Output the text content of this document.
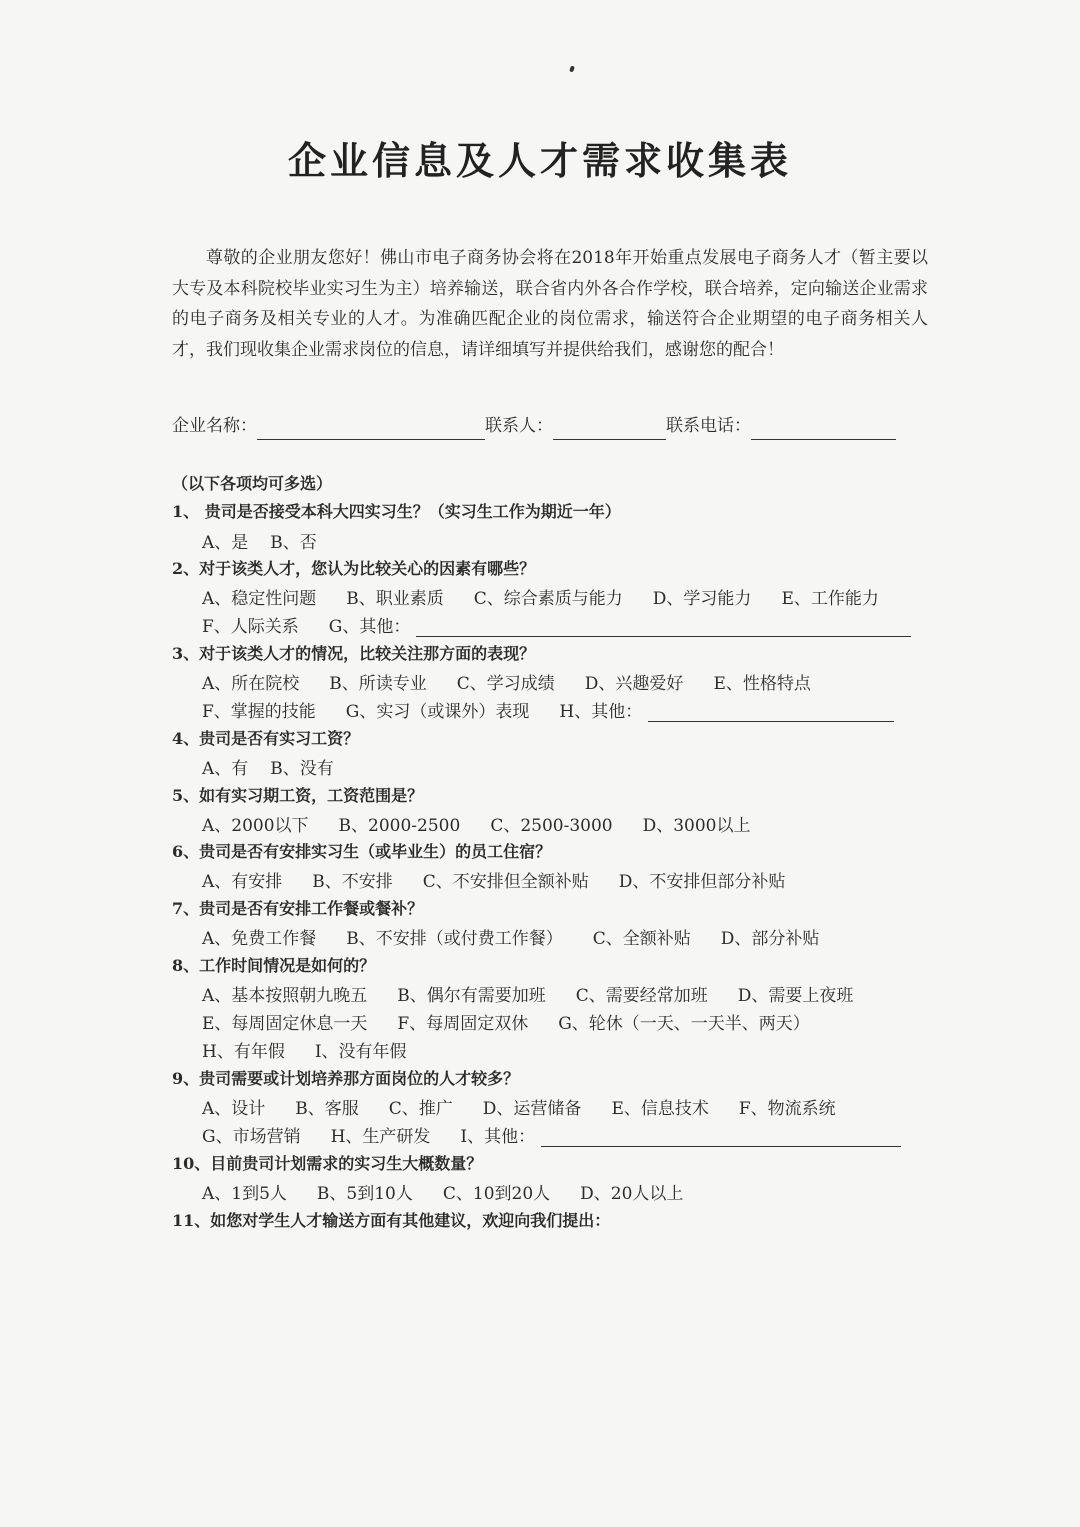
企业信息及人才需求收集表

尊敬的企业朋友您好！佛山市电子商务协会将在2018年开始重点发展电子商务人才（暂主要以大专及本科院校毕业实习生为主）培养输送，联合省内外各合作学校，联合培养，定向输送企业需求的电子商务及相关专业的人才。为准确匹配企业的岗位需求，输送符合企业期望的电子商务相关人才，我们现收集企业需求岗位的信息，请详细填写并提供给我们，感谢您的配合！

企业名称：	联系人：	联系电话：
（以下各项均可多选）
1、 贵司是否接受本科大四实习生？（实习生工作为期近一年）
A、是 B、否
2、对于该类人才，您认为比较关心的因素有哪些？
A、稳定性问题 B、职业素质 C、综合素质与能力 D、学习能力 E、工作能力
F、人际关系 G、其他：
3、对于该类人才的情况，比较关注那方面的表现？
A、所在院校 B、所读专业 C、学习成绩 D、兴趣爱好 E、性格特点
F、掌握的技能 G、实习（或课外）表现 H、其他：
4、贵司是否有实习工资？
A、有 B、没有
5、如有实习期工资，工资范围是？
A、2000以下 B、2000-2500 C、2500-3000 D、3000以上
6、贵司是否有安排实习生（或毕业生）的员工住宿？
A、有安排 B、不安排 C、不安排但全额补贴 D、不安排但部分补贴
7、贵司是否有安排工作餐或餐补？
A、免费工作餐 B、不安排（或付费工作餐） C、全额补贴 D、部分补贴
8、工作时间情况是如何的？
A、基本按照朝九晚五 B、偶尔有需要加班 C、需要经常加班 D、需要上夜班
E、每周固定休息一天 F、每周固定双休 G、轮休（一天、一天半、两天）
H、有年假 I、没有年假
9、贵司需要或计划培养那方面岗位的人才较多？
A、设计 B、客服 C、推广 D、运营储备 E、信息技术 F、物流系统
G、市场营销 H、生产研发 I、其他：
10、目前贵司计划需求的实习生大概数量？
A、1到5人 B、5到10人 C、10到20人 D、20人以上
11、如您对学生人才输送方面有其他建议，欢迎向我们提出：
